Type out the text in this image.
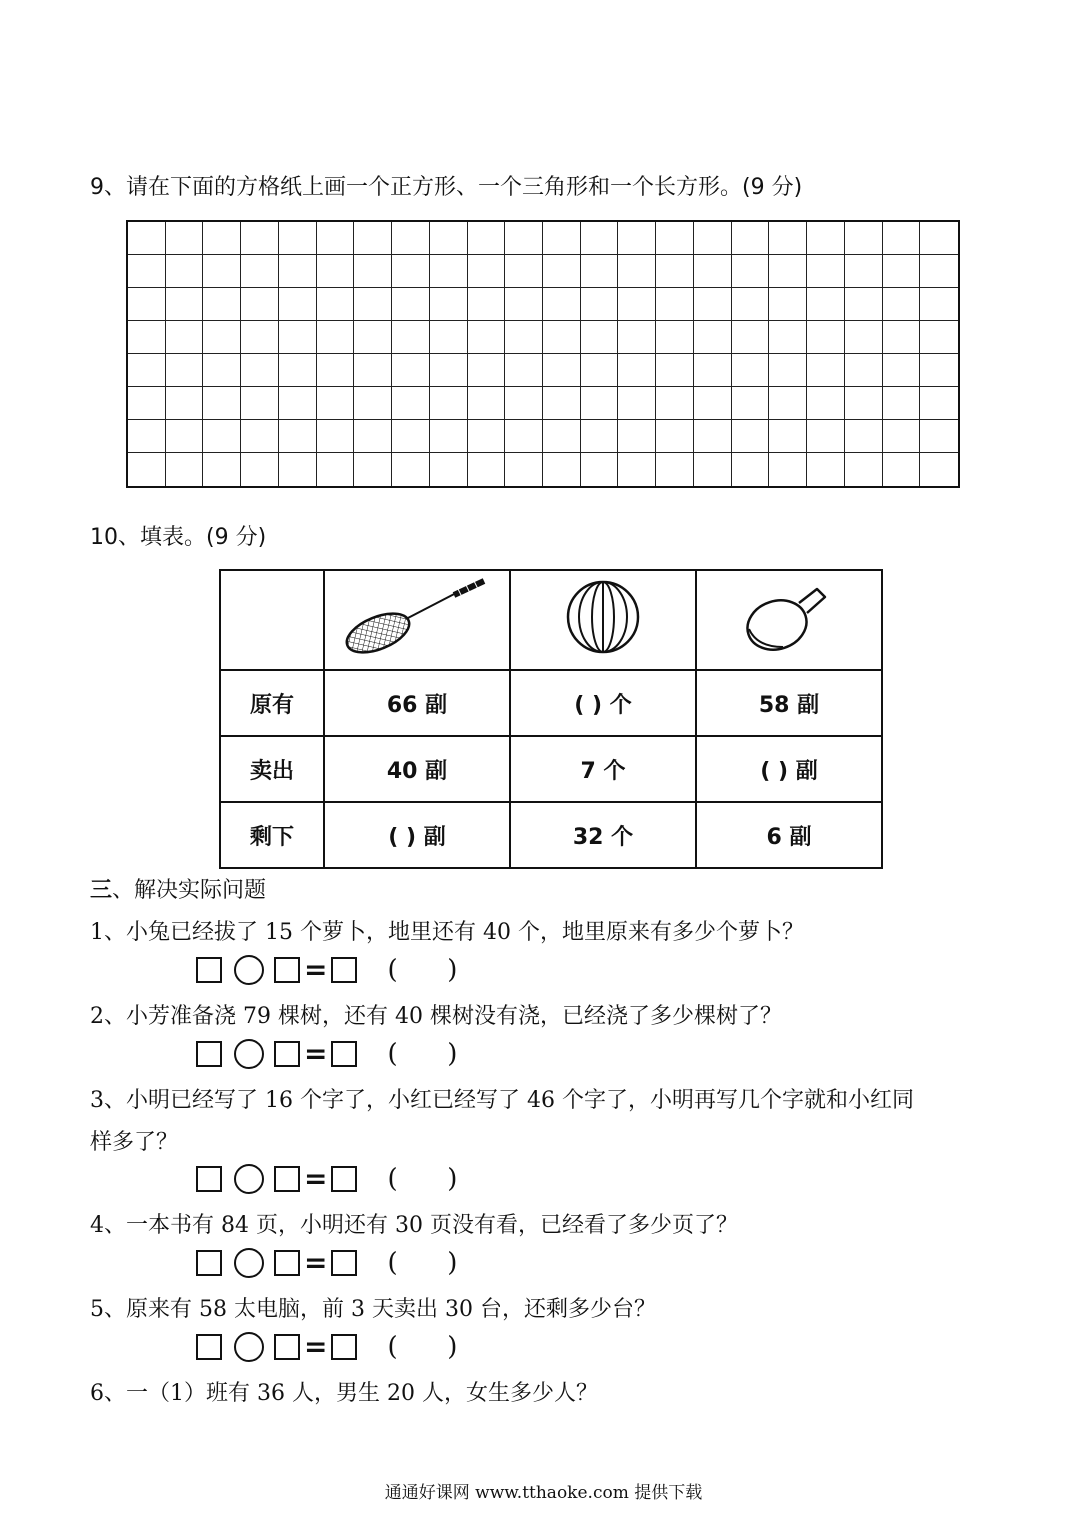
9、请在下面的方格纸上画一个正方形、一个三角形和一个长方形。(9 分)
10、填表。(9 分)

原有	66 副	( ) 个	58 副
卖出	40 副	7 个	( ) 副
剩下	( ) 副	32 个	6 副
三、解决实际问题
1、小兔已经拔了 15 个萝卜，地里还有 40 个，地里原来有多少个萝卜？
= (      )
2、小芳准备浇 79 棵树，还有 40 棵树没有浇，已经浇了多少棵树了？
= (      )
3、小明已经写了 16 个字了，小红已经写了 46 个字了，小明再写几个字就和小红同
样多了？
= (      )
4、一本书有 84 页，小明还有 30 页没有看，已经看了多少页了？
= (      )
5、原来有 58 太电脑，前 3 天卖出 30 台，还剩多少台？
= (      )
6、一（1）班有 36 人，男生 20 人，女生多少人？
通通好课网 www.tthaoke.com 提供下载
